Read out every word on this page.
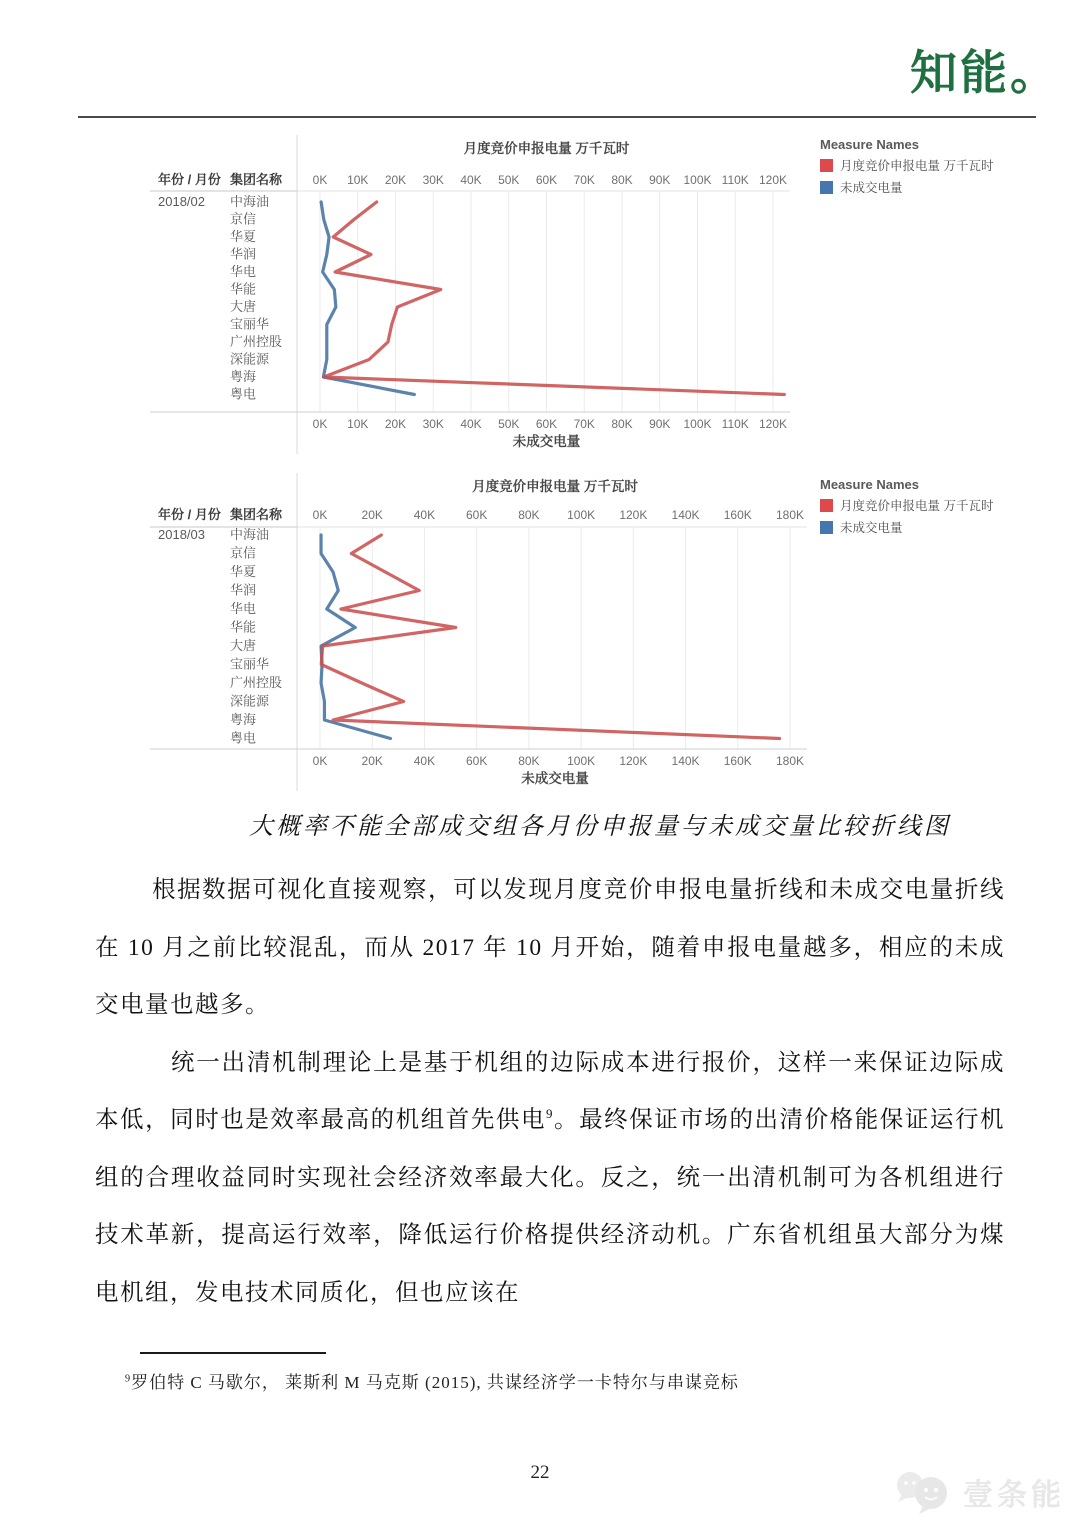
知能。
月度竞价申报电量 万千瓦时
年份 / 月份 集团名称
未成交电量
0K
0K
10K
10K
20K
20K
30K
30K
40K
40K
50K
50K
60K
60K
70K
70K
80K
80K
90K
90K
100K
100K
110K
110K
120K
120K
2018/02 中海油
京信
华夏
华润
华电
华能
大唐
宝丽华
广州控股
深能源
粤海
粤电
Measure Names
月度竞价申报电量 万千瓦时
未成交电量
月度竞价申报电量 万千瓦时
年份 / 月份 集团名称
未成交电量
0K
0K
20K
20K
40K
40K
60K
60K
80K
80K
100K
100K
120K
120K
140K
140K
160K
160K
180K
180K
2018/03 中海油
京信
华夏
华润
华电
华能
大唐
宝丽华
广州控股
深能源
粤海
粤电
Measure Names
月度竞价申报电量 万千瓦时
未成交电量
大概率不能全部成交组各月份申报量与未成交量比较折线图

根据数据可视化直接观察，可以发现月度竞价申报电量折线和未成交电量折线在 10 月之前比较混乱，而从 2017 年 10 月开始，随着申报电量越多，相应的未成交电量也越多。

统一出清机制理论上是基于机组的边际成本进行报价，这样一来保证边际成本低，同时也是效率最高的机组首先供电$^9$。最终保证市场的出清价格能保证运行机组的合理收益同时实现社会经济效率最大化。反之，统一出清机制可为各机组进行技术革新，提高运行效率，降低运行价格提供经济动机。广东省机组虽大部分为煤电机组，发电技术同质化，但也应该在

$^9$罗伯特 C 马歇尔， 莱斯利 M 马克斯 (2015), 共谋经济学一卡特尔与串谋竞标
22
壹条能
